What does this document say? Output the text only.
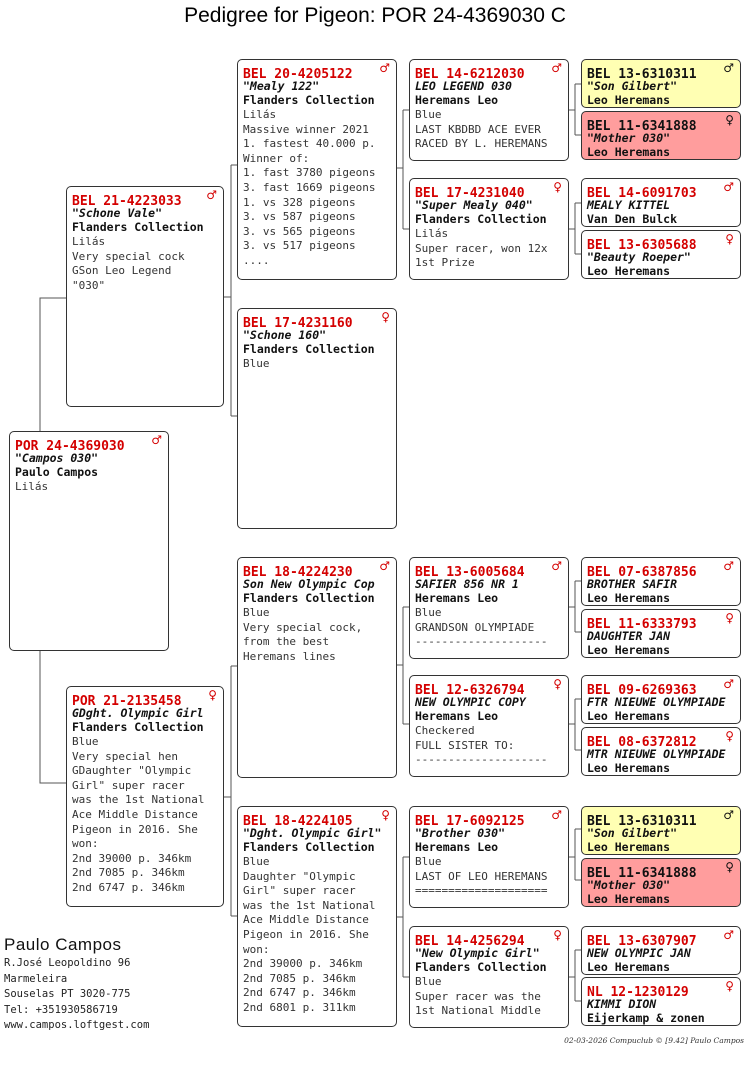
Pedigree for Pigeon: POR 24-4369030 C
POR 24-4369030 ♂
"Campos 030"
Paulo Campos
Lilás
BEL 21-4223033 ♂
"Schone Vale"
Flanders Collection
Lilás
Very special cock
GSon Leo Legend
"030"
POR 21-2135458 ♀
GDght. Olympic Girl
Flanders Collection
Blue
Very special hen
GDaughter "Olympic
Girl" super racer
was the 1st National
Ace Middle Distance
Pigeon in 2016. She
won:
2nd 39000 p. 346km
2nd 7085 p. 346km
2nd 6747 p. 346km
BEL 20-4205122 ♂
"Mealy 122"
Flanders Collection
Lilás
Massive winner 2021
1. fastest 40.000 p.
Winner of:
1. fast 3780 pigeons
3. fast 1669 pigeons
1. vs 328 pigeons
3. vs 587 pigeons
3. vs 565 pigeons
3. vs 517 pigeons
....
BEL 17-4231160 ♀
"Schone 160"
Flanders Collection
Blue
BEL 18-4224230 ♂
Son New Olympic Cop
Flanders Collection
Blue
Very special cock,
from the best
Heremans lines
BEL 18-4224105 ♀
"Dght. Olympic Girl"
Flanders Collection
Blue
Daughter "Olympic
Girl" super racer
was the 1st National
Ace Middle Distance
Pigeon in 2016. She
won:
2nd 39000 p. 346km
2nd 7085 p. 346km
2nd 6747 p. 346km
2nd 6801 p. 311km
BEL 14-6212030 ♂
LEO LEGEND 030
Heremans Leo
Blue
LAST KBDBD ACE EVER
RACED BY L. HEREMANS
BEL 17-4231040 ♀
"Super Mealy 040"
Flanders Collection
Lilás
Super racer, won 12x
1st Prize
BEL 13-6005684 ♂
SAFIER 856 NR 1
Heremans Leo
Blue
GRANDSON OLYMPIADE
--------------------
BEL 12-6326794 ♀
NEW OLYMPIC COPY
Heremans Leo
Checkered
FULL SISTER TO:
--------------------
BEL 17-6092125 ♂
"Brother 030"
Heremans Leo
Blue
LAST OF LEO HEREMANS
====================
BEL 14-4256294 ♀
"New Olympic Girl"
Flanders Collection
Blue
Super racer was the
1st National Middle
BEL 13-6310311 ♂
"Son Gilbert"
Leo Heremans
BEL 11-6341888 ♀
"Mother 030"
Leo Heremans
BEL 14-6091703 ♂
MEALY KITTEL
Van Den Bulck
BEL 13-6305688 ♀
"Beauty Roeper"
Leo Heremans
BEL 07-6387856 ♂
BROTHER SAFIR
Leo Heremans
BEL 11-6333793 ♀
DAUGHTER JAN
Leo Heremans
BEL 09-6269363 ♂
FTR NIEUWE OLYMPIADE
Leo Heremans
BEL 08-6372812 ♀
MTR NIEUWE OLYMPIADE
Leo Heremans
BEL 13-6310311 ♂
"Son Gilbert"
Leo Heremans
BEL 11-6341888 ♀
"Mother 030"
Leo Heremans
BEL 13-6307907 ♂
NEW OLYMPIC JAN
Leo Heremans
NL 12-1230129	♀
KIMMI DION
Eijerkamp & zonen
Paulo Campos
R.José Leopoldino 96
Marmeleira
Souselas PT 3020-775
Tel: +351930586719
www.campos.loftgest.com
02-03-2026 Compuclub © [9.42] Paulo Campos
